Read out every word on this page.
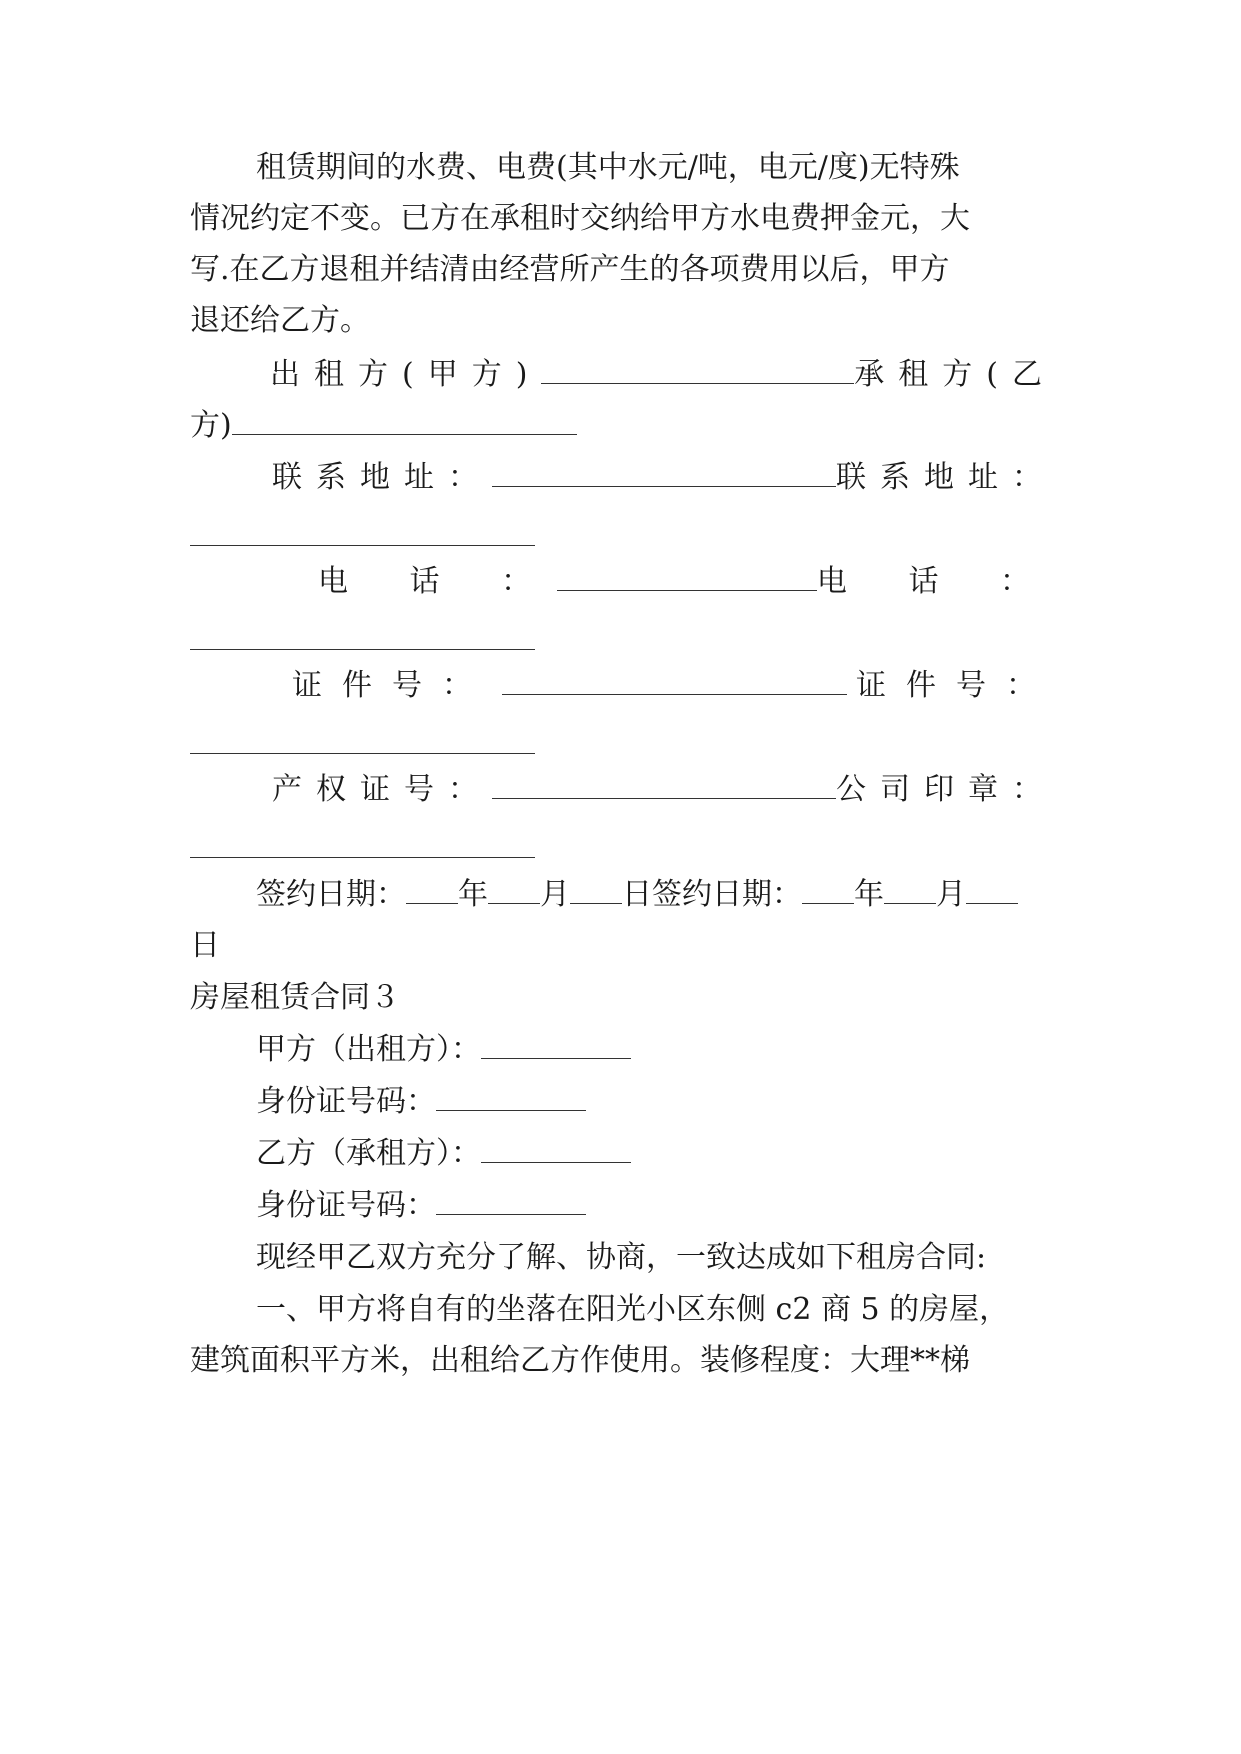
租赁期间的水费、电费(其中水元/吨，电元/度)无特殊
情况约定不变。已方在承租时交纳给甲方水电费押金元，大
写.在乙方退租并结清由经营所产生的各项费用以后，甲方
退还给乙方。
出租方(甲方)	承租方(乙
方)
联系地址：	联系地址：
电 话 ：	电 话 ：
证件号：	证件号：
产权证号：	公司印章：
签约日期： 年 月 日签约日期： 年 月
日
房屋租赁合同３
甲方（出租方）：
身份证号码：
乙方（承租方）：
身份证号码：
现经甲乙双方充分了解、协商，一致达成如下租房合同:
一、甲方将自有的坐落在阳光小区东侧 c2 商 5 的房屋，
建筑面积平方米，出租给乙方作使用。装修程度：大理**梯
